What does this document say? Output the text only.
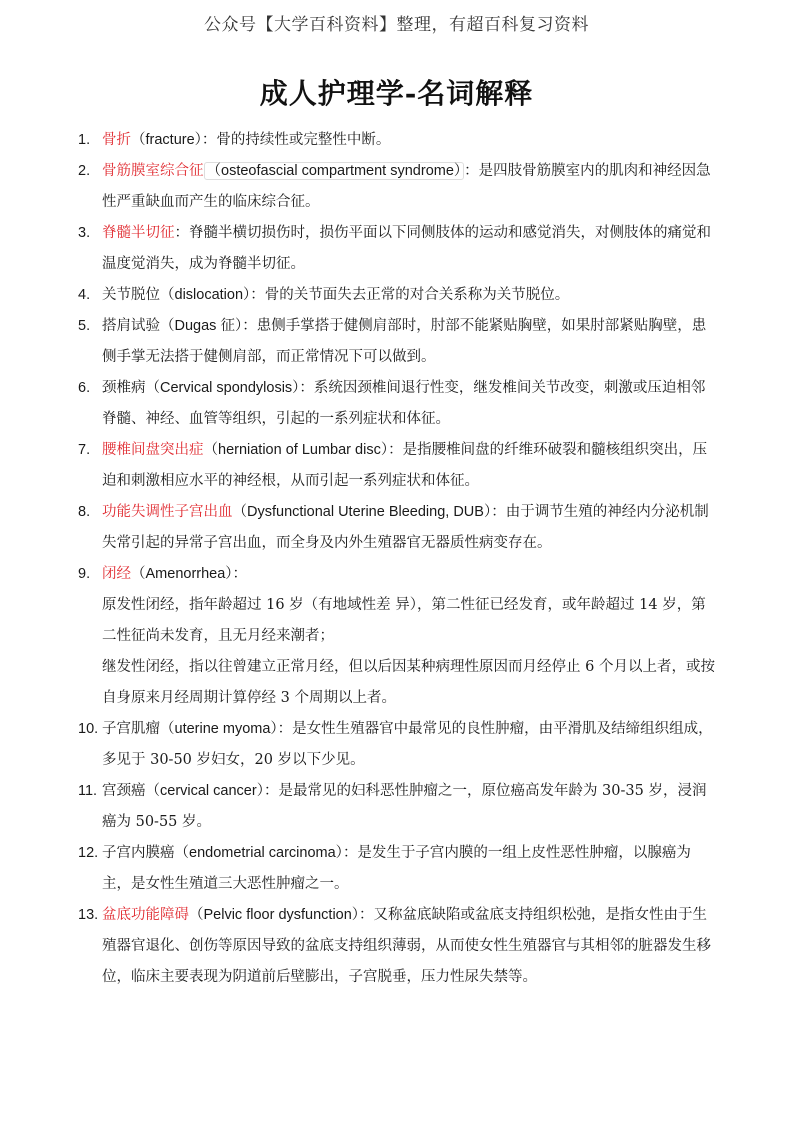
公众号【大学百科资料】整理，有超百科复习资料
成人护理学-名词解释
1. 骨折（fracture）：骨的持续性或完整性中断。
2. 骨筋膜室综合征 （osteofascial compartment syndrome） ：是四肢骨筋膜室内的肌肉和神经因急性严重缺血而产生的临床综合征。
3. 脊髓半切征：脊髓半横切损伤时，损伤平面以下同侧肢体的运动和感觉消失，对侧肢体的痛觉和温度觉消失，成为脊髓半切征。
4. 关节脱位（dislocation）：骨的关节面失去正常的对合关系称为关节脱位。
5. 搭肩试验（Dugas 征）：患侧手掌搭于健侧肩部时，肘部不能紧贴胸壁，如果肘部紧贴胸壁，患侧手掌无法搭于健侧肩部，而正常情况下可以做到。
6. 颈椎病（Cervical spondylosis）：系统因颈椎间退行性变，继发椎间关节改变，刺激或压迫相邻脊髓、神经、血管等组织，引起的一系列症状和体征。
7. 腰椎间盘突出症（herniation of Lumbar disc）：是指腰椎间盘的纤维环破裂和髓核组织突出，压迫和刺激相应水平的神经根，从而引起一系列症状和体征。
8. 功能失调性子宫出血（Dysfunctional Uterine Bleeding, DUB）：由于调节生殖的神经内分泌机制失常引起的异常子宫出血，而全身及内外生殖器官无器质性病变存在。
9. 闭经（Amenorrhea）：
原发性闭经，指年龄超过 16 岁（有地域性差 异），第二性征已经发育，或年龄超过 14 岁，第二性征尚未发育，且无月经来潮者；
继发性闭经，指以往曾建立正常月经，但以后因某种病理性原因而月经停止 6 个月以上者，或按自身原来月经周期计算停经 3 个周期以上者。
10. 子宫肌瘤（uterine myoma）：是女性生殖器官中最常见的良性肿瘤，由平滑肌及结缔组织组成，多见于 30-50 岁妇女，20 岁以下少见。
11. 宫颈癌（cervical cancer）：是最常见的妇科恶性肿瘤之一，原位癌高发年龄为 30-35 岁，浸润癌为 50-55 岁。
12. 子宫内膜癌（endometrial carcinoma）：是发生于子宫内膜的一组上皮性恶性肿瘤，以腺癌为主，是女性生殖道三大恶性肿瘤之一。
13. 盆底功能障碍（Pelvic floor dysfunction）：又称盆底缺陷或盆底支持组织松弛，是指女性由于生殖器官退化、创伤等原因导致的盆底支持组织薄弱，从而使女性生殖器官与其相邻的脏器发生移位，临床主要表现为阴道前后壁膨出，子宫脱垂，压力性尿失禁等。
